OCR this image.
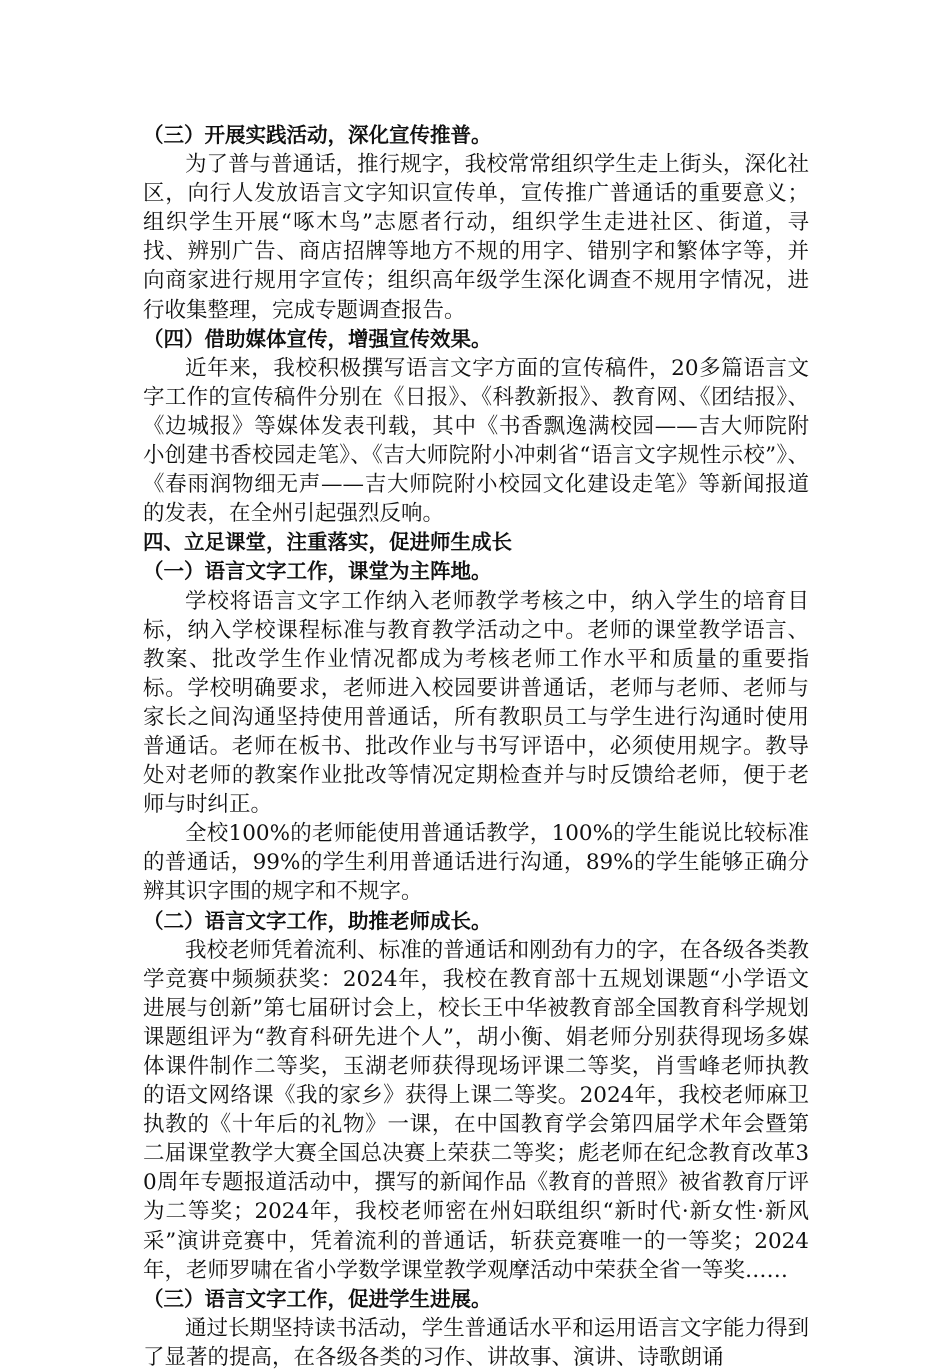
（三）开展实践活动，深化宣传推普。

为了普与普通话，推行规字，我校常常组织学生走上街头，深化社区，向行人发放语言文字知识宣传单，宣传推广普通话的重要意义；组织学生开展“啄木鸟”志愿者行动，组织学生走进社区、街道，寻找、辨别广告、商店招牌等地方不规的用字、错别字和繁体字等，并向商家进行规用字宣传；组织高年级学生深化调查不规用字情况，进行收集整理，完成专题调查报告。

（四）借助媒体宣传，增强宣传效果。

近年来，我校积极撰写语言文字方面的宣传稿件，20多篇语言文字工作的宣传稿件分别在《日报》、《科教新报》、教育网、《团结报》、《边城报》等媒体发表刊载，其中《书香飘逸满校园——吉大师院附小创建书香校园走笔》、《吉大师院附小冲刺省“语言文字规性示校”》、《春雨润物细无声——吉大师院附小校园文化建设走笔》等新闻报道的发表，在全州引起强烈反响。

四、立足课堂，注重落实，促进师生成长

（一）语言文字工作，课堂为主阵地。

学校将语言文字工作纳入老师教学考核之中，纳入学生的培育目标，纳入学校课程标准与教育教学活动之中。老师的课堂教学语言、教案、批改学生作业情况都成为考核老师工作水平和质量的重要指标。学校明确要求，老师进入校园要讲普通话，老师与老师、老师与家长之间沟通坚持使用普通话，所有教职员工与学生进行沟通时使用普通话。老师在板书、批改作业与书写评语中，必须使用规字。教导处对老师的教案作业批改等情况定期检查并与时反馈给老师，便于老师与时纠正。

全校100%的老师能使用普通话教学，100%的学生能说比较标准的普通话，99%的学生利用普通话进行沟通，89%的学生能够正确分辨其识字围的规字和不规字。

（二）语言文字工作，助推老师成长。

我校老师凭着流利、标准的普通话和刚劲有力的字，在各级各类教学竞赛中频频获奖：2024年，我校在教育部十五规划课题“小学语文进展与创新”第七届研讨会上，校长王中华被教育部全国教育科学规划课题组评为“教育科研先进个人”，胡小衡、娟老师分别获得现场多媒体课件制作二等奖，玉湖老师获得现场评课二等奖，肖雪峰老师执教的语文网络课《我的家乡》获得上课二等奖。2024年，我校老师麻卫执教的《十年后的礼物》一课，在中国教育学会第四届学术年会暨第二届课堂教学大赛全国总决赛上荣获二等奖；彪老师在纪念教育改革30周年专题报道活动中，撰写的新闻作品《教育的普照》被省教育厅评为二等奖；2024年，我校老师密在州妇联组织“新时代·新女性·新风采”演讲竞赛中，凭着流利的普通话，斩获竞赛唯一的一等奖；2024年，老师罗啸在省小学数学课堂教学观摩活动中荣获全省一等奖……

（三）语言文字工作，促进学生进展。

通过长期坚持读书活动，学生普通话水平和运用语言文字能力得到了显著的提高，在各级各类的习作、讲故事、演讲、诗歌朗诵
